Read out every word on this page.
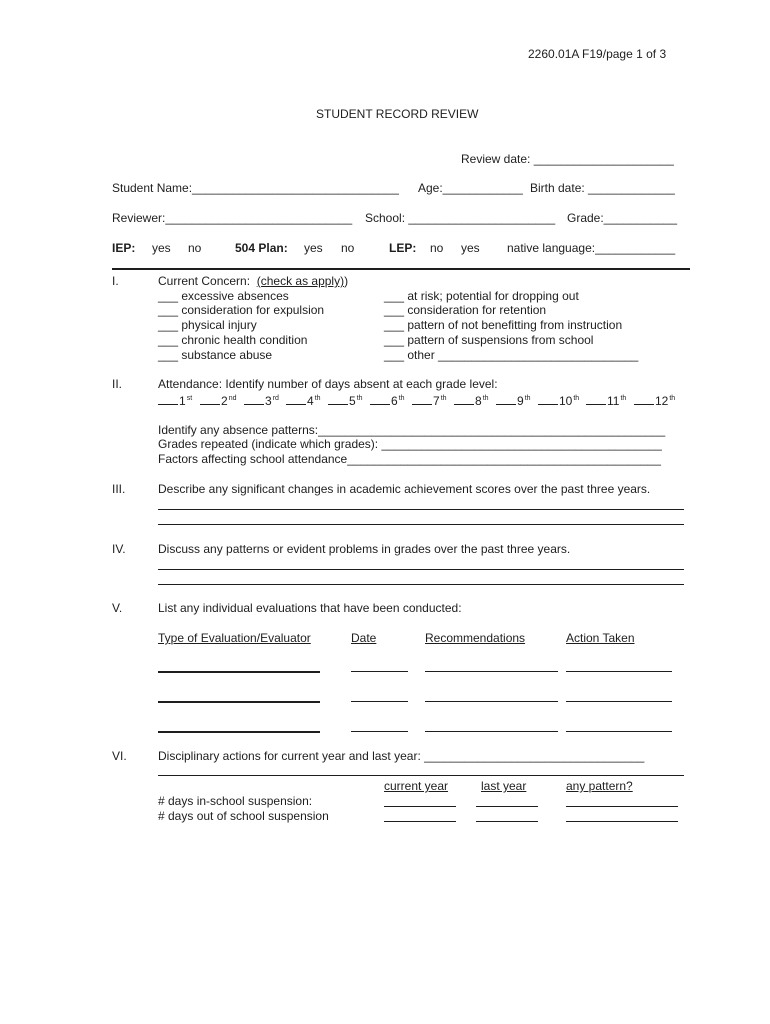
2260.01A F19/page 1 of 3
STUDENT RECORD REVIEW
Review date: _____________________
Student Name:_______________________________ Age:____________ Birth date: _____________
Reviewer:____________________________ School: ______________________ Grade:___________
IEP: yes no	504 Plan: yes no	LEP: no yes native language:____________
I.	Current Concern: (check as apply))
___ excessive absences
___ consideration for expulsion
___ physical injury
___ chronic health condition
___ substance abuse
___ at risk; potential for dropping out
___ consideration for retention
___ pattern of not benefitting from instruction
___ pattern of suspensions from school
___ other ______________________________
II.	Attendance: Identify number of days absent at each grade level:
1st	2nd	3rd	4th	5th	6th	7th	8th	9th	10th	11th	12th
Identify any absence patterns:____________________________________________________
Grades repeated (indicate which grades): __________________________________________
Factors affecting school attendance_______________________________________________
III.	Describe any significant changes in academic achievement scores over the past three years.
IV.	Discuss any patterns or evident problems in grades over the past three years.
V.	List any individual evaluations that have been conducted:
Type of Evaluation/Evaluator	Date	Recommendations	Action Taken
VI.	Disciplinary actions for current year and last year: _________________________________
current year	last year	any pattern?
# days in-school suspension:
# days out of school suspension
